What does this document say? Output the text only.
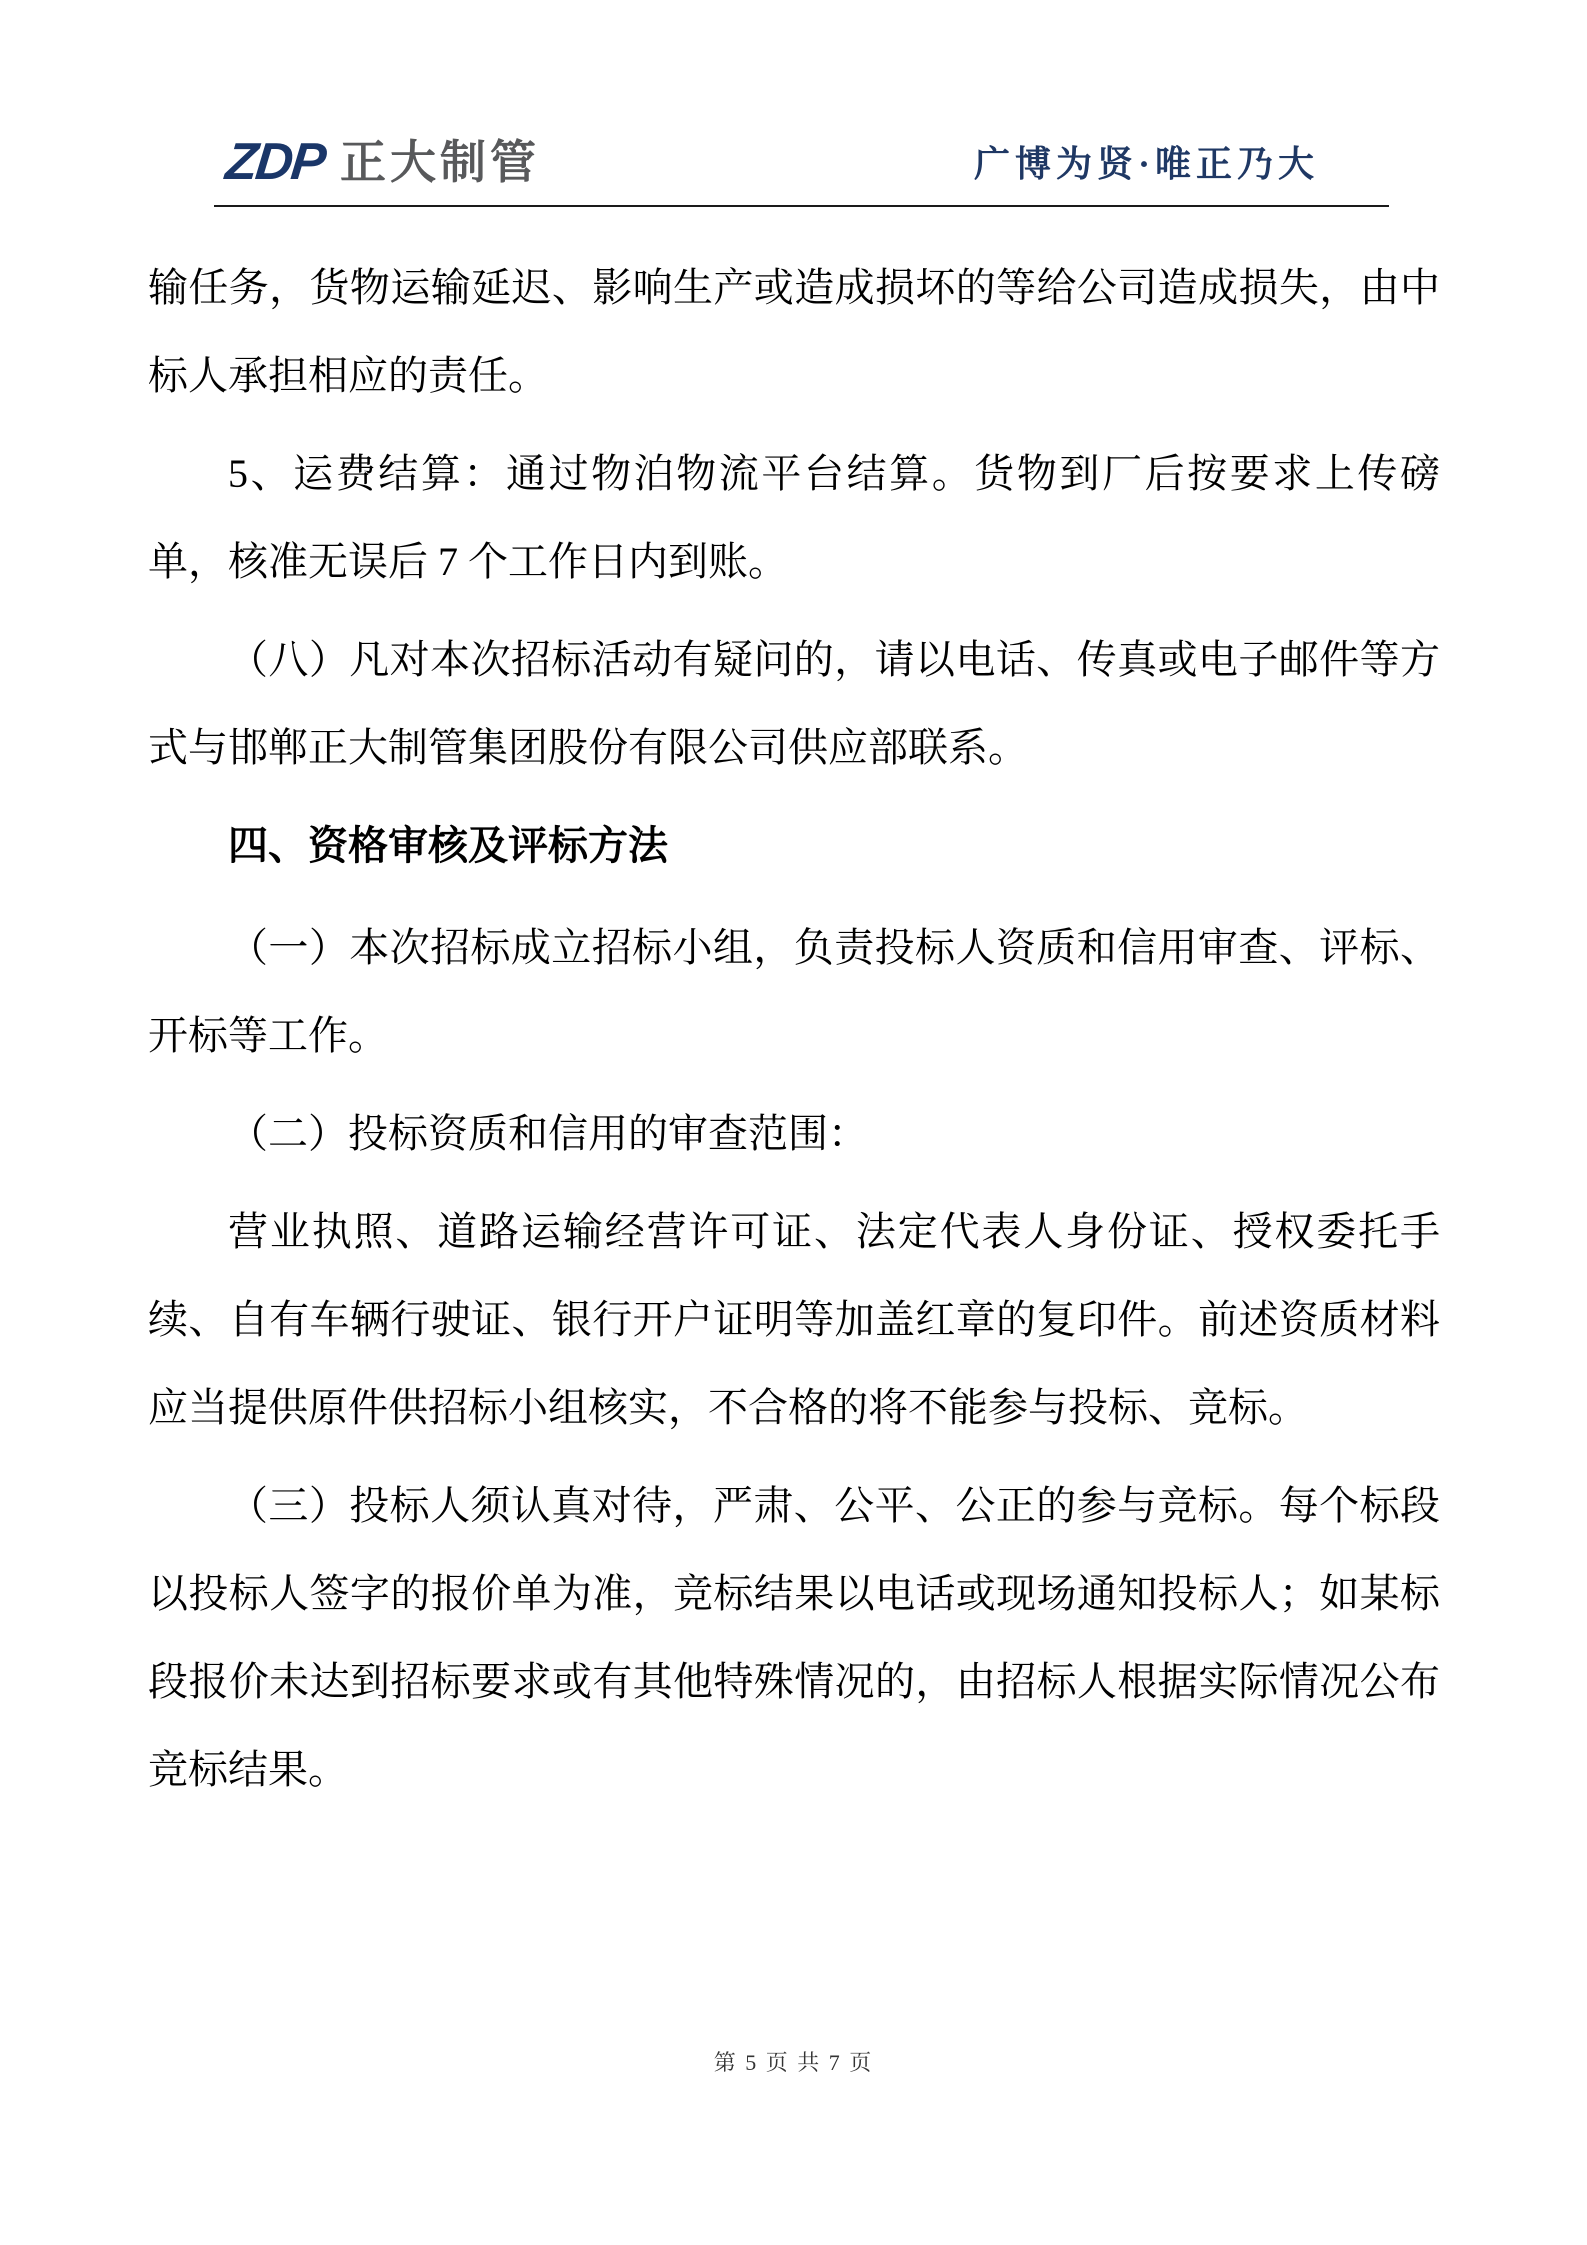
ZDP 正大制管	广博为贤·唯正乃大

输任务，货物运输延迟、影响生产或造成损坏的等给公司造成损失，由中标人承担相应的责任。

5、运费结算：通过物泊物流平台结算。货物到厂后按要求上传磅单，核准无误后 7 个工作日内到账。

（八）凡对本次招标活动有疑问的，请以电话、传真或电子邮件等方式与邯郸正大制管集团股份有限公司供应部联系。

四、资格审核及评标方法

（一）本次招标成立招标小组，负责投标人资质和信用审查、评标、开标等工作。

（二）投标资质和信用的审查范围：

营业执照、道路运输经营许可证、法定代表人身份证、授权委托手续、自有车辆行驶证、银行开户证明等加盖红章的复印件。前述资质材料应当提供原件供招标小组核实，不合格的将不能参与投标、竞标。

（三）投标人须认真对待，严肃、公平、公正的参与竞标。每个标段以投标人签字的报价单为准，竞标结果以电话或现场通知投标人；如某标段报价未达到招标要求或有其他特殊情况的，由招标人根据实际情况公布竞标结果。

第 5 页 共 7 页
